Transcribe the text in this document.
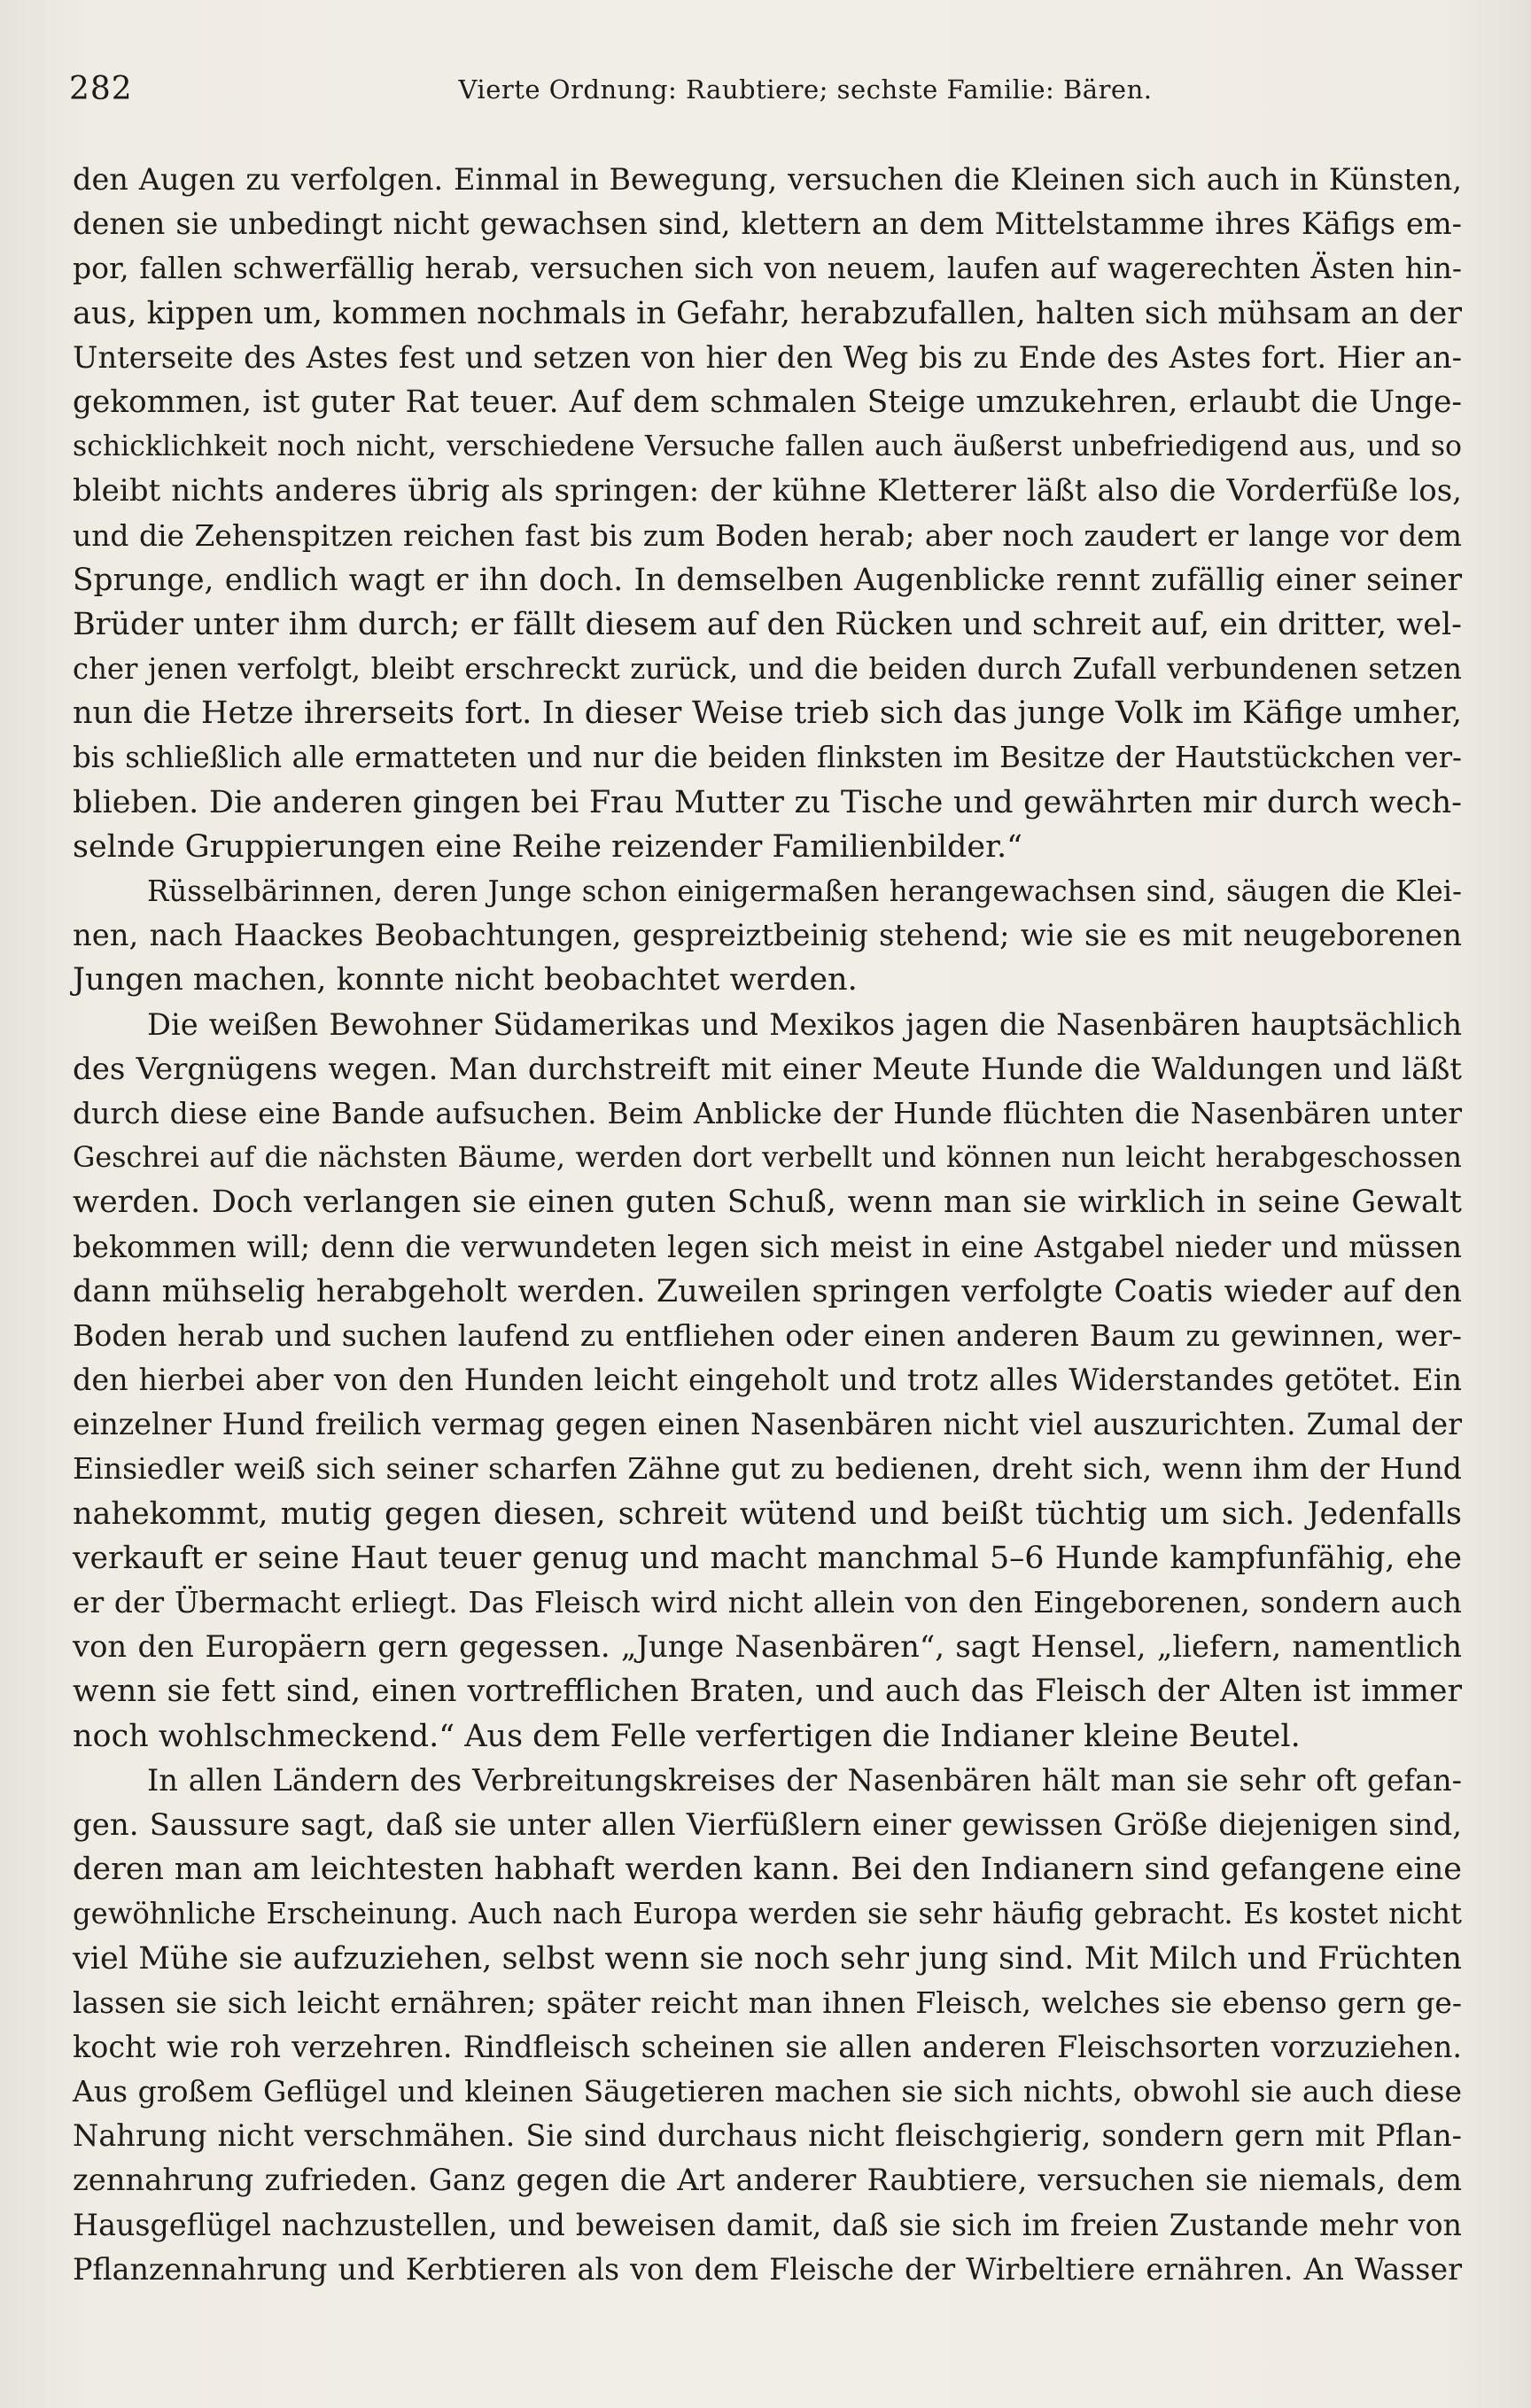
282	Vierte Ordnung: Raubtiere; sechste Familie: Bären.
den Augen zu verfolgen. Einmal in Bewegung, versuchen die Kleinen sich auch in Künsten,
denen sie unbedingt nicht gewachsen sind, klettern an dem Mittelstamme ihres Käfigs em-
por, fallen schwerfällig herab, versuchen sich von neuem, laufen auf wagerechten Ästen hin-
aus, kippen um, kommen nochmals in Gefahr, herabzufallen, halten sich mühsam an der
Unterseite des Astes fest und setzen von hier den Weg bis zu Ende des Astes fort. Hier an-
gekommen, ist guter Rat teuer. Auf dem schmalen Steige umzukehren, erlaubt die Unge-
schicklichkeit noch nicht, verschiedene Versuche fallen auch äußerst unbefriedigend aus, und so
bleibt nichts anderes übrig als springen: der kühne Kletterer läßt also die Vorderfüße los,
und die Zehenspitzen reichen fast bis zum Boden herab; aber noch zaudert er lange vor dem
Sprunge, endlich wagt er ihn doch. In demselben Augenblicke rennt zufällig einer seiner
Brüder unter ihm durch; er fällt diesem auf den Rücken und schreit auf, ein dritter, wel-
cher jenen verfolgt, bleibt erschreckt zurück, und die beiden durch Zufall verbundenen setzen
nun die Hetze ihrerseits fort. In dieser Weise trieb sich das junge Volk im Käfige umher,
bis schließlich alle ermatteten und nur die beiden flinksten im Besitze der Hautstückchen ver-
blieben. Die anderen gingen bei Frau Mutter zu Tische und gewährten mir durch wech-
selnde Gruppierungen eine Reihe reizender Familienbilder.“
Rüsselbärinnen, deren Junge schon einigermaßen herangewachsen sind, säugen die Klei-
nen, nach Haackes Beobachtungen, gespreiztbeinig stehend; wie sie es mit neugeborenen
Jungen machen, konnte nicht beobachtet werden.
Die weißen Bewohner Südamerikas und Mexikos jagen die Nasenbären hauptsächlich
des Vergnügens wegen. Man durchstreift mit einer Meute Hunde die Waldungen und läßt
durch diese eine Bande aufsuchen. Beim Anblicke der Hunde flüchten die Nasenbären unter
Geschrei auf die nächsten Bäume, werden dort verbellt und können nun leicht herabgeschossen
werden. Doch verlangen sie einen guten Schuß, wenn man sie wirklich in seine Gewalt
bekommen will; denn die verwundeten legen sich meist in eine Astgabel nieder und müssen
dann mühselig herabgeholt werden. Zuweilen springen verfolgte Coatis wieder auf den
Boden herab und suchen laufend zu entfliehen oder einen anderen Baum zu gewinnen, wer-
den hierbei aber von den Hunden leicht eingeholt und trotz alles Widerstandes getötet. Ein
einzelner Hund freilich vermag gegen einen Nasenbären nicht viel auszurichten. Zumal der
Einsiedler weiß sich seiner scharfen Zähne gut zu bedienen, dreht sich, wenn ihm der Hund
nahekommt, mutig gegen diesen, schreit wütend und beißt tüchtig um sich. Jedenfalls
verkauft er seine Haut teuer genug und macht manchmal 5–6 Hunde kampfunfähig, ehe
er der Übermacht erliegt. Das Fleisch wird nicht allein von den Eingeborenen, sondern auch
von den Europäern gern gegessen. „Junge Nasenbären“, sagt Hensel, „liefern, namentlich
wenn sie fett sind, einen vortrefflichen Braten, und auch das Fleisch der Alten ist immer
noch wohlschmeckend.“ Aus dem Felle verfertigen die Indianer kleine Beutel.
In allen Ländern des Verbreitungskreises der Nasenbären hält man sie sehr oft gefan-
gen. Saussure sagt, daß sie unter allen Vierfüßlern einer gewissen Größe diejenigen sind,
deren man am leichtesten habhaft werden kann. Bei den Indianern sind gefangene eine
gewöhnliche Erscheinung. Auch nach Europa werden sie sehr häufig gebracht. Es kostet nicht
viel Mühe sie aufzuziehen, selbst wenn sie noch sehr jung sind. Mit Milch und Früchten
lassen sie sich leicht ernähren; später reicht man ihnen Fleisch, welches sie ebenso gern ge-
kocht wie roh verzehren. Rindfleisch scheinen sie allen anderen Fleischsorten vorzuziehen.
Aus großem Geflügel und kleinen Säugetieren machen sie sich nichts, obwohl sie auch diese
Nahrung nicht verschmähen. Sie sind durchaus nicht fleischgierig, sondern gern mit Pflan-
zennahrung zufrieden. Ganz gegen die Art anderer Raubtiere, versuchen sie niemals, dem
Hausgeflügel nachzustellen, und beweisen damit, daß sie sich im freien Zustande mehr von
Pflanzennahrung und Kerbtieren als von dem Fleische der Wirbeltiere ernähren. An Wasser
